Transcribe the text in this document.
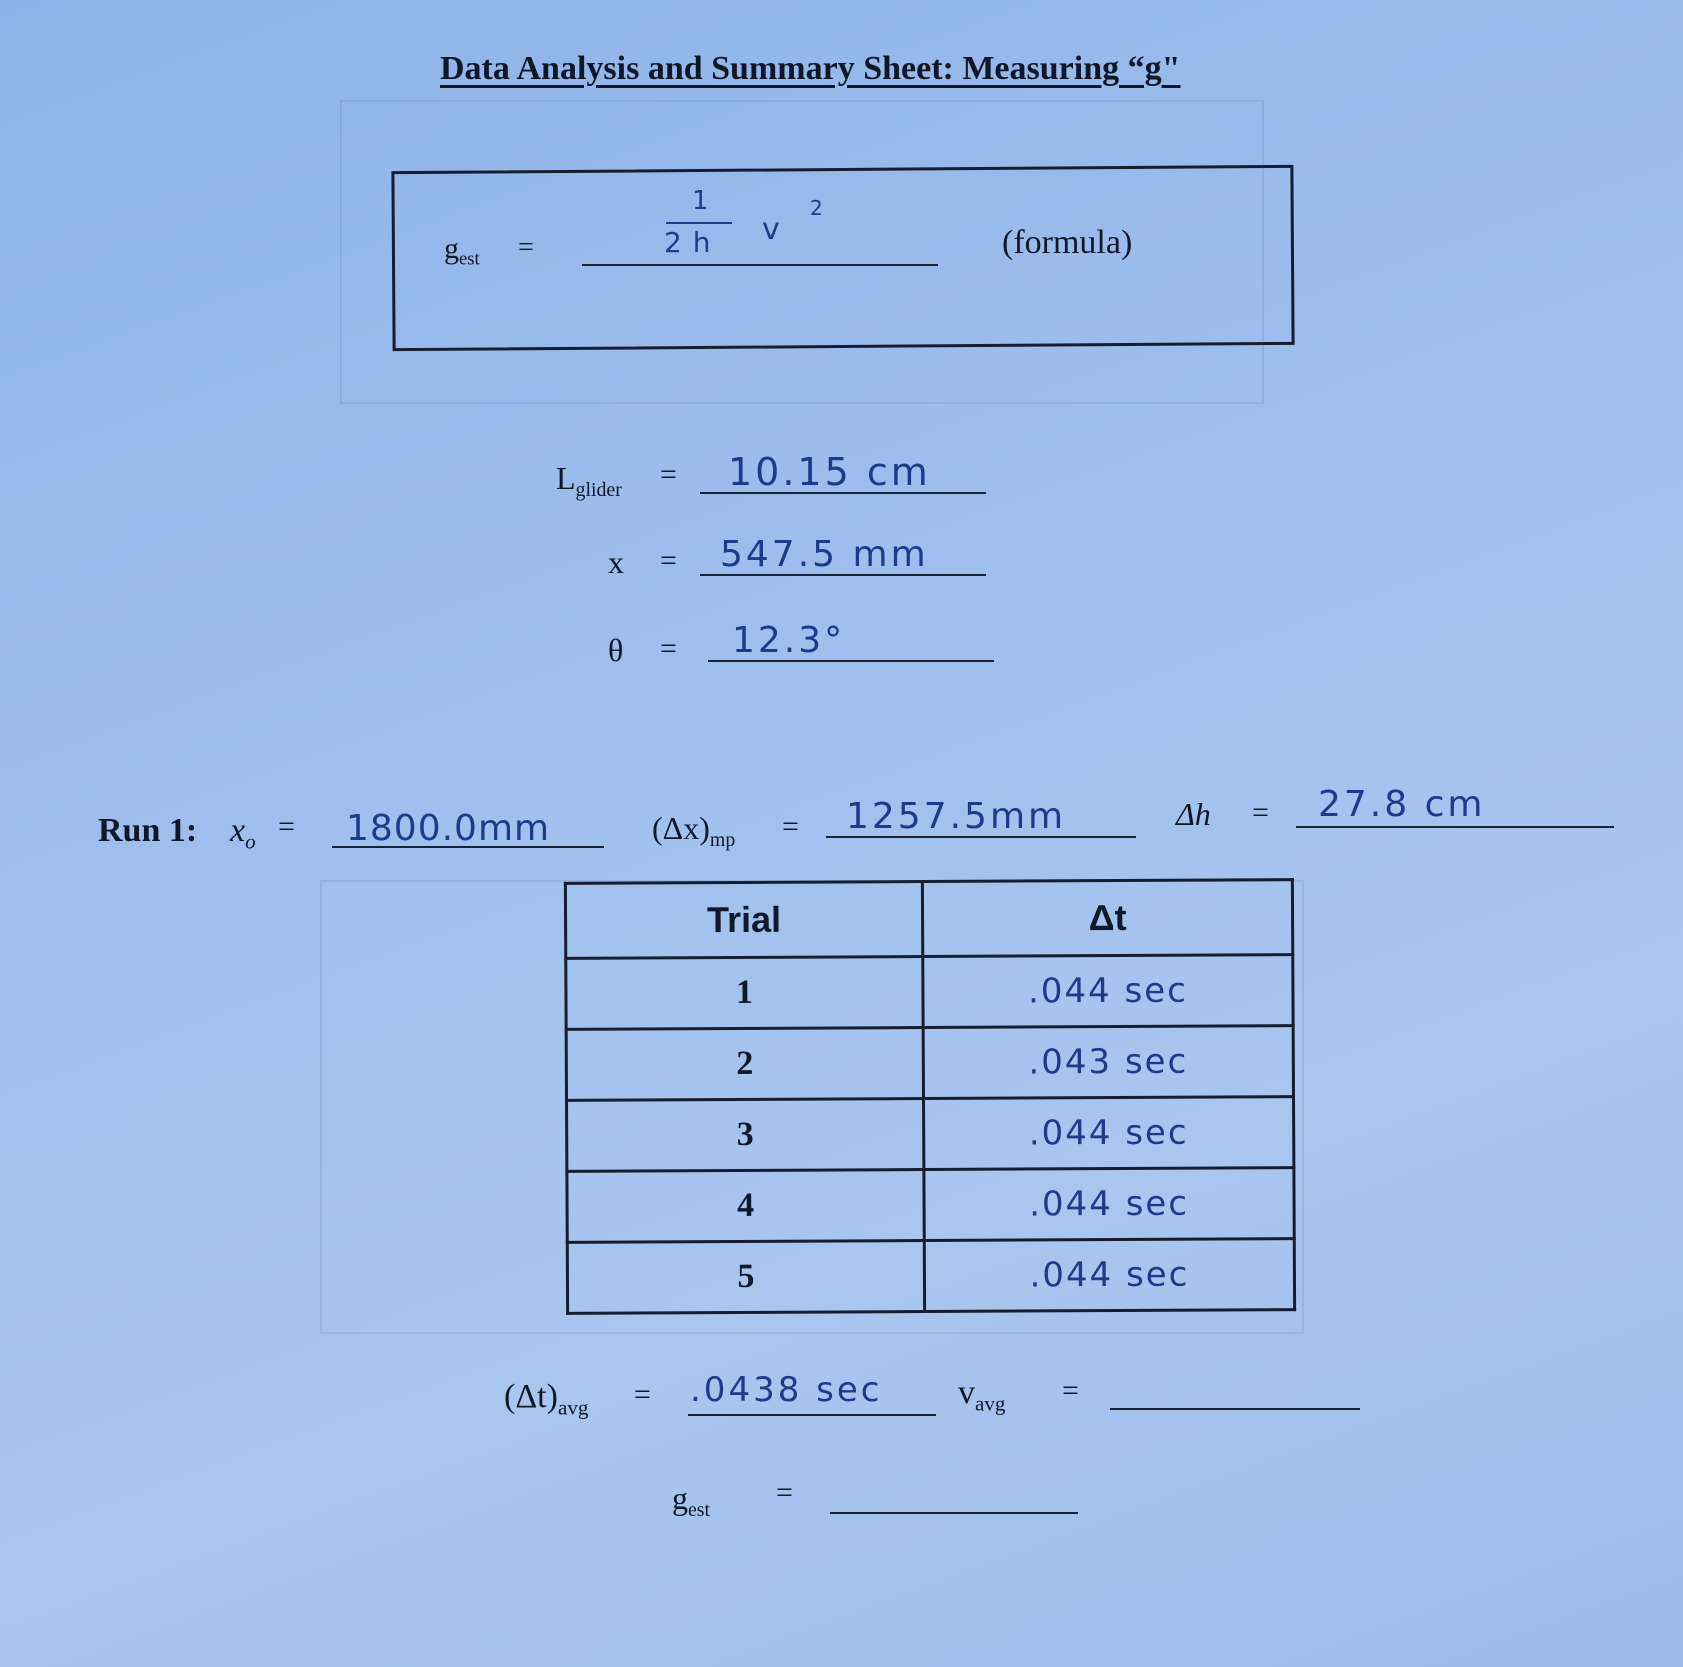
Data Analysis and Summary Sheet: Measuring “g"
$g_{est}$ =
1
2 h v
2
(formula)
$L_{glider} = 10.15$ cm
x = 547.5 mm
θ = 12.3°
Run 1: $x_o = 1800.0mm$	$(\Delta x)_{mp} = 1257.5mm$	Δh = 27.8 cm
Trial	Δt
1	.044 sec
2	.043 sec
3	.044 sec
4	.044 sec
5	.044 sec
$(\Delta t)_{avg} = .0438$ $\sec v_{avg}$ =
$g_{est}$
=
